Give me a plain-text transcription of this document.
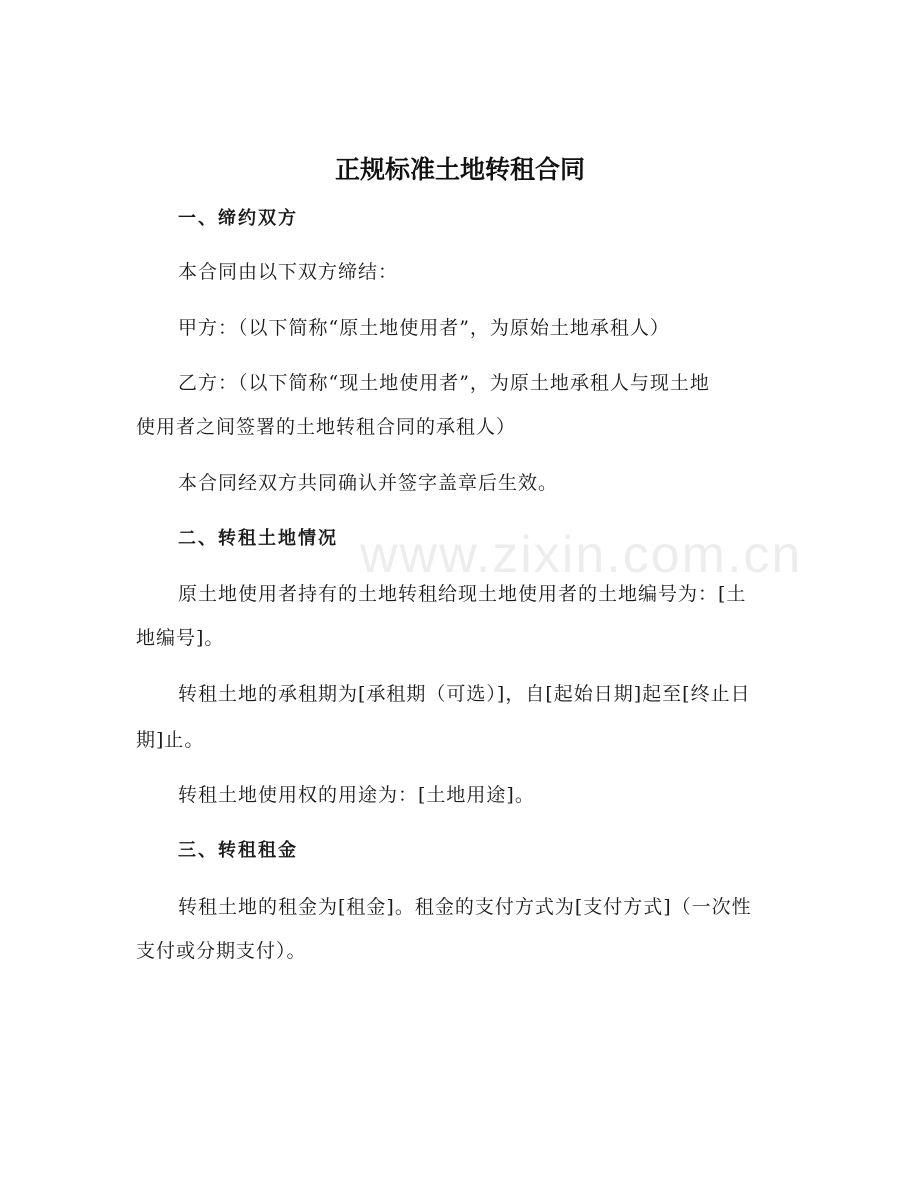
www.zixin.com.cn
正规标准土地转租合同
一、缔约双方
本合同由以下双方缔结：
甲方：（以下简称“原土地使用者”，为原始土地承租人）
乙方：（以下简称“现土地使用者”，为原土地承租人与现土地
使用者之间签署的土地转租合同的承租人）
本合同经双方共同确认并签字盖章后生效。
二、转租土地情况
原土地使用者持有的土地转租给现土地使用者的土地编号为：[土
地编号]。
转租土地的承租期为[承租期（可选）]，自[起始日期]起至[终止日
期]止。
转租土地使用权的用途为：[土地用途]。
三、转租租金
转租土地的租金为[租金]。租金的支付方式为[支付方式]（一次性
支付或分期支付）。
